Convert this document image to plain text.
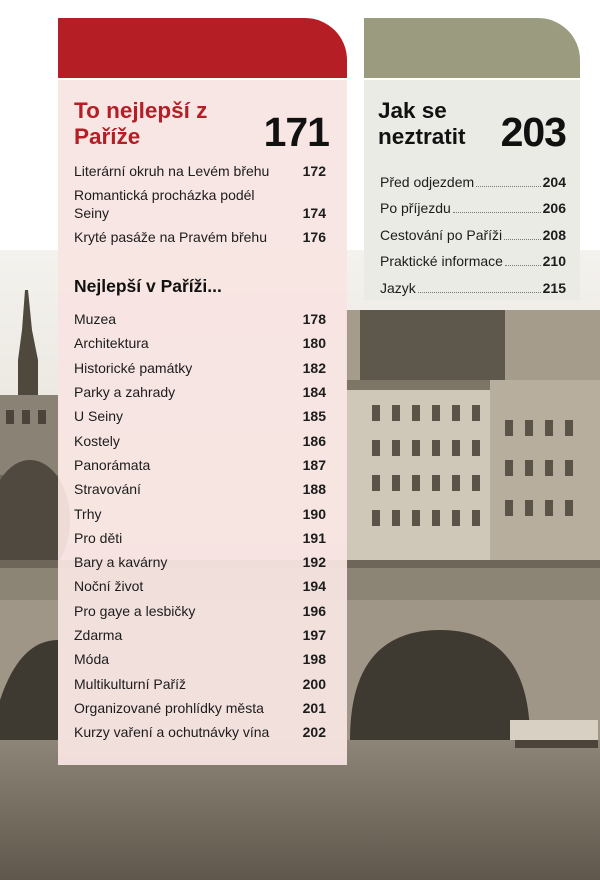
To nejlepší z Paříže	171
Literární okruh na Levém břehu 172
Romantická procházka podél Seiny	174
Kryté pasáže na Pravém břehu	176
Nejlepší v Paříži...
Muzea	178
Architektura	180
Historické památky	182
Parky a zahrady	184
U Seiny	185
Kostely	186
Panorámata	187
Stravování	188
Trhy	190
Pro děti	191
Bary a kavárny	192
Noční život	194
Pro gaye a lesbičky	196
Zdarma	197
Móda	198
Multikulturní Paříž	200
Organizované prohlídky města	201
Kurzy vaření a ochutnávky vína 202
Jak se neztratit 203
Před odjezdem	204
Po příjezdu	206
Cestování po Paříži	208
Praktické informace	210
Jazyk	215
